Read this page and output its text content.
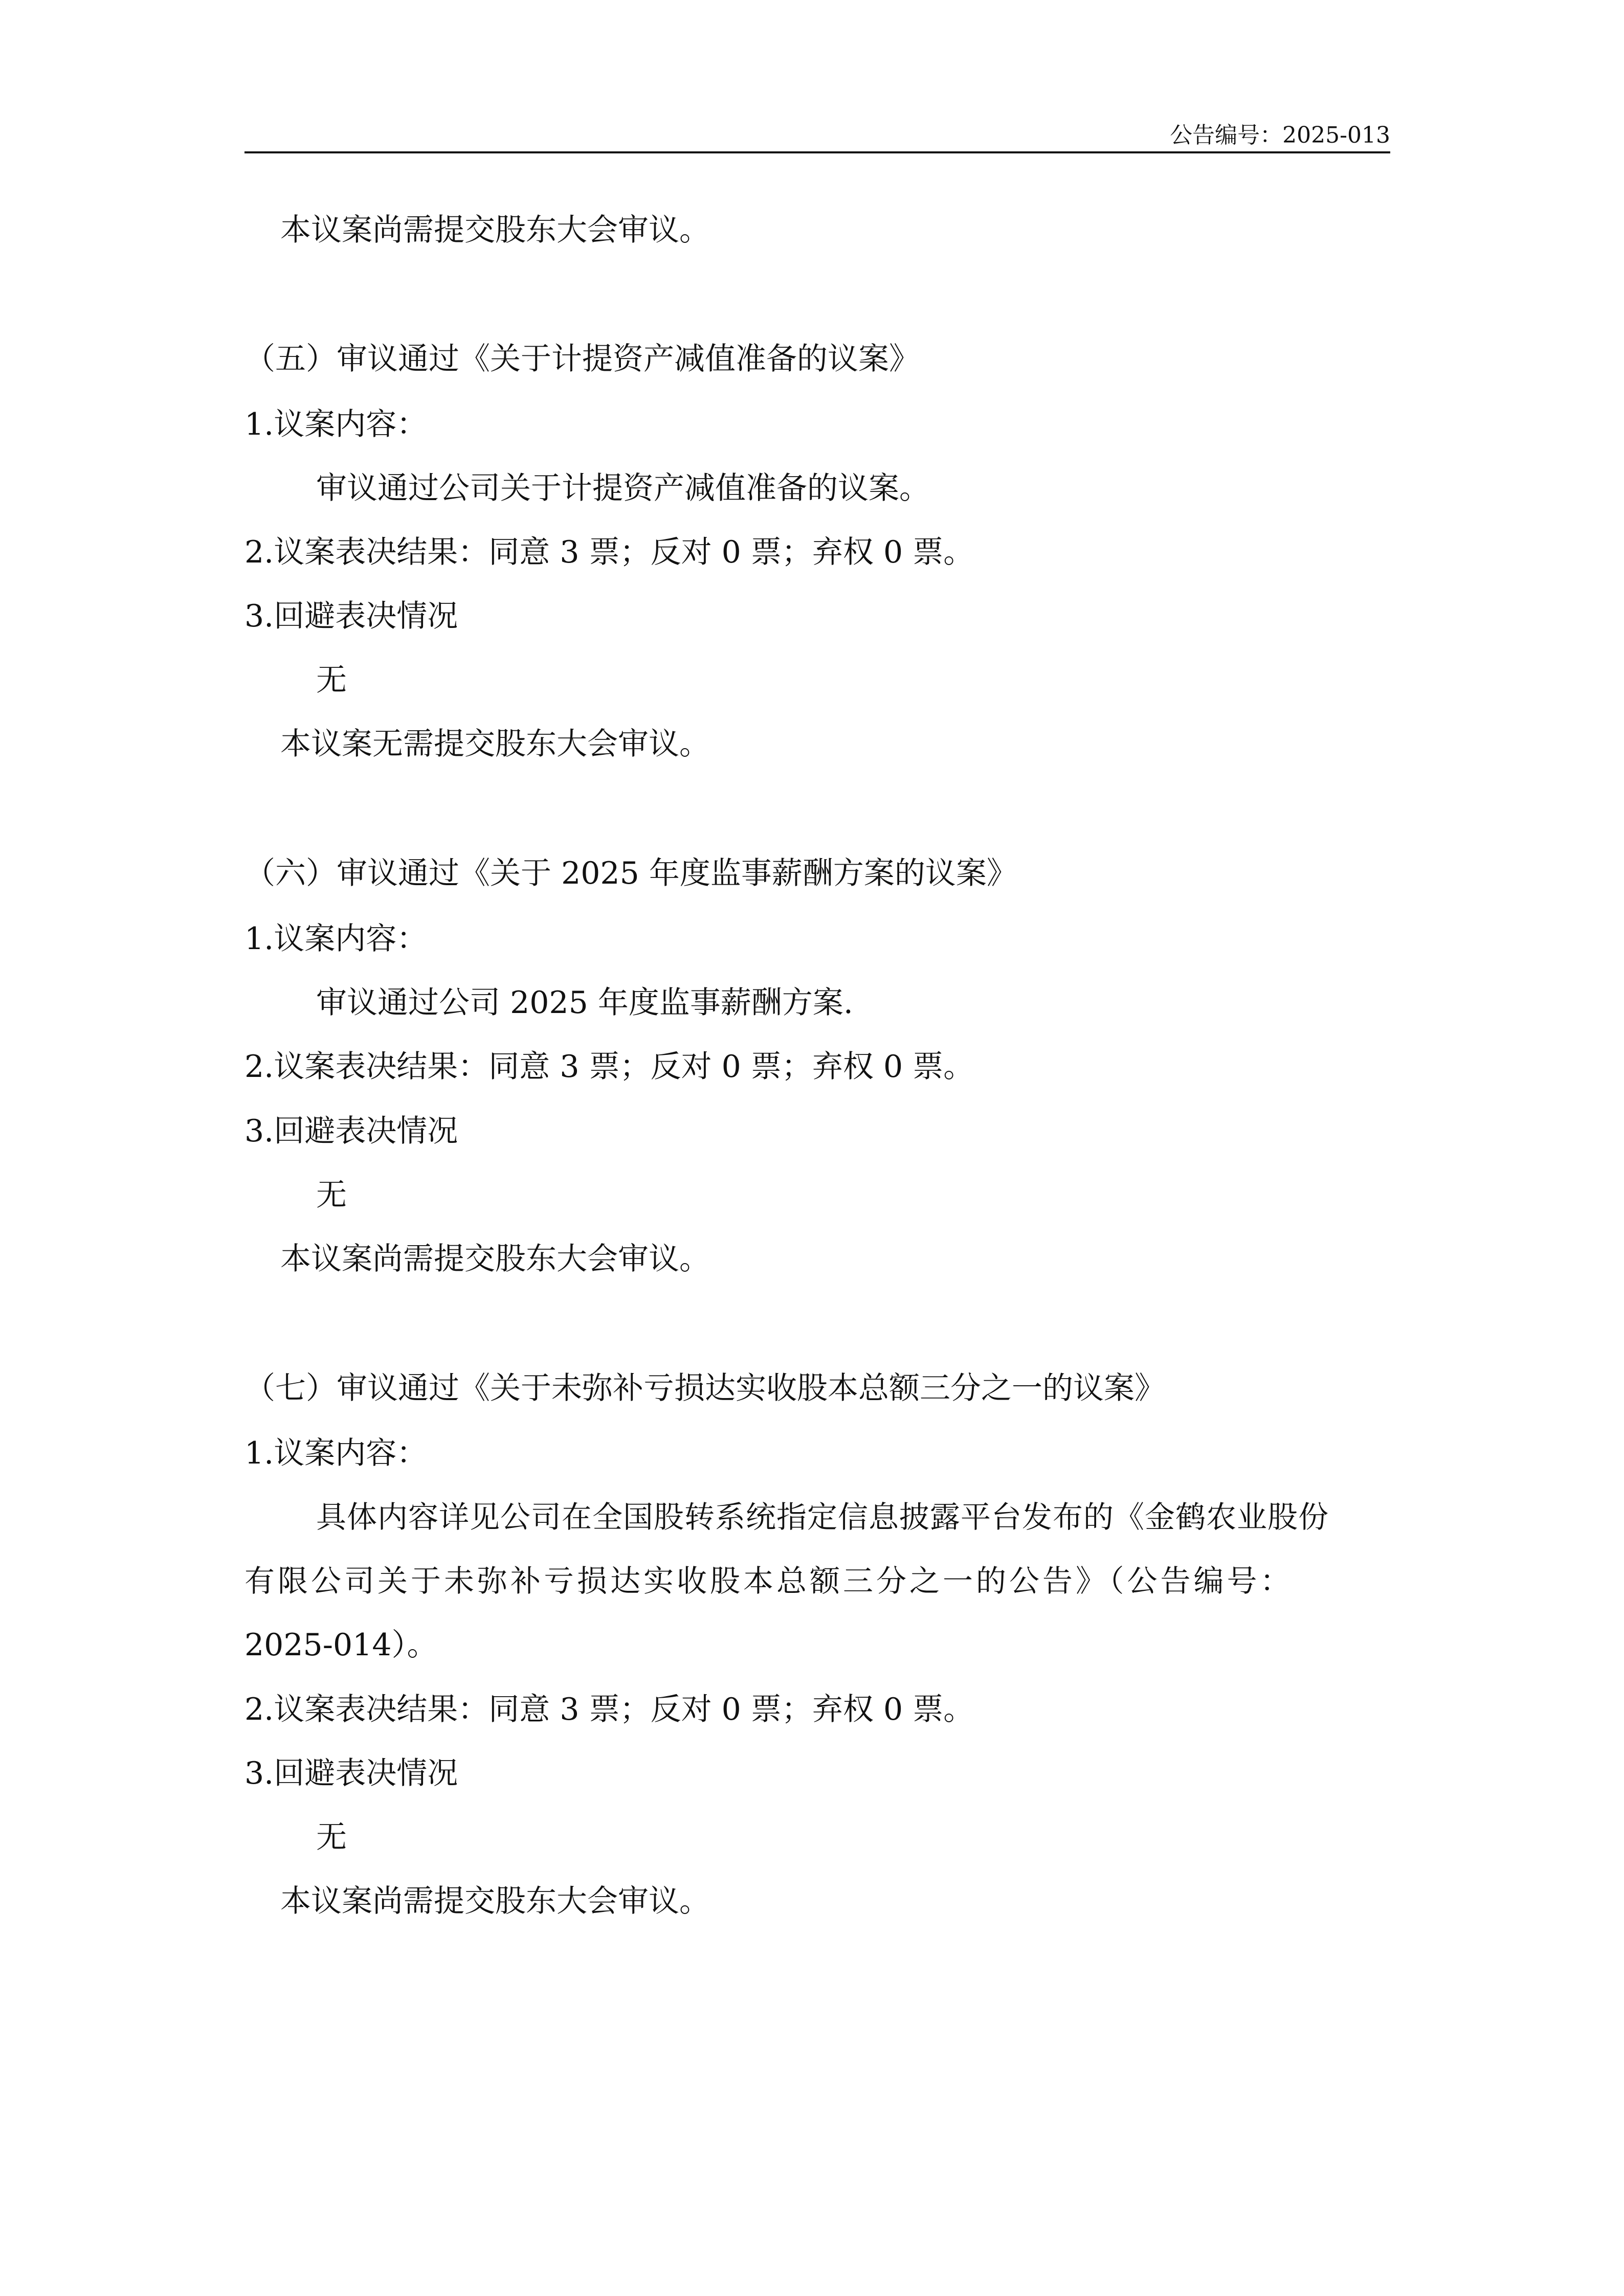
公告编号：2025-013
本议案尚需提交股东大会审议。
（五）审议通过《关于计提资产减值准备的议案》
1.议案内容：
审议通过公司关于计提资产减值准备的议案。
2.议案表决结果：同意 3 票；反对 0 票；弃权 0 票。
3.回避表决情况
无
本议案无需提交股东大会审议。
（六）审议通过《关于 2025 年度监事薪酬方案的议案》
1.议案内容：
审议通过公司 2025 年度监事薪酬方案.
2.议案表决结果：同意 3 票；反对 0 票；弃权 0 票。
3.回避表决情况
无
本议案尚需提交股东大会审议。
（七）审议通过《关于未弥补亏损达实收股本总额三分之一的议案》
1.议案内容：
具体内容详见公司在全国股转系统指定信息披露平台发布的《金鹤农业股份
有限公司关于未弥补亏损达实收股本总额三分之一的公告》（公告编号：
2025-014）。
2.议案表决结果：同意 3 票；反对 0 票；弃权 0 票。
3.回避表决情况
无
本议案尚需提交股东大会审议。
